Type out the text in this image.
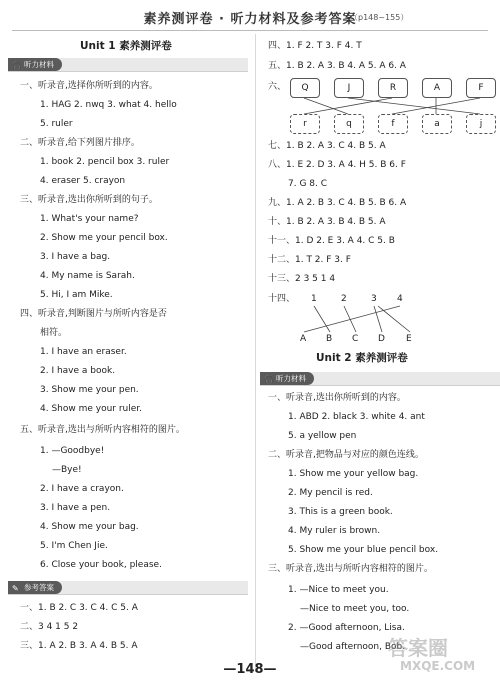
素养测评卷 · 听力材料及参考答案
（p148~155）
Unit 1 素养测评卷
🎧 听力材料
一、听录音,选择你所听到的内容。
1. HAG 2. nwq 3. what 4. hello
5. ruler
二、听录音,给下列图片排序。
1. book 2. pencil box 3. ruler
4. eraser 5. crayon
三、听录音,选出你所听到的句子。
1. What's your name?
2. Show me your pencil box.
3. I have a bag.
4. My name is Sarah.
5. Hi, I am Mike.
四、听录音,判断图片与所听内容是否
相符。
1. I have an eraser.
2. I have a book.
3. Show me your pen.
4. Show me your ruler.
五、听录音,选出与所听内容相符的图片。
1. —Goodbye!
—Bye!
2. I have a crayon.
3. I have a pen.
4. Show me your bag.
5. I'm Chen Jie.
6. Close your book, please.
✎ 参考答案
一、1. B 2. C 3. C 4. C 5. A
二、3 4 1 5 2
三、1. A 2. B 3. A 4. B 5. A
四、1. F 2. T 3. F 4. T
五、1. B 2. A 3. B 4. A 5. A 6. A
六、	Q	J	R	A	F
r	q	f	a	j
七、1. B 2. A 3. C 4. B 5. A
八、1. E 2. D 3. A 4. H 5. B 6. F
7. G 8. C
九、1. A 2. B 3. C 4. B 5. B 6. A
十、1. B 2. A 3. B 4. B 5. A
十一、1. D 2. E 3. A 4. C 5. B
十二、1. T 2. F 3. F
十三、2 3 5 1 4
十四、 1	2	3 4
A B C D E
Unit 2 素养测评卷
🎧 听力材料
一、听录音,选出你所听到的内容。
1. ABD 2. black 3. white 4. ant
5. a yellow pen
二、听录音,把物品与对应的颜色连线。
1. Show me your yellow bag.
2. My pencil is red.
3. This is a green book.
4. My ruler is brown.
5. Show me your blue pencil box.
三、听录音,选出与所听内容相符的图片。
1. —Nice to meet you.
—Nice to meet you, too.
2. —Good afternoon, Lisa.
—Good afternoon, Bob.
答案圈
MXQE.COM
—148—
